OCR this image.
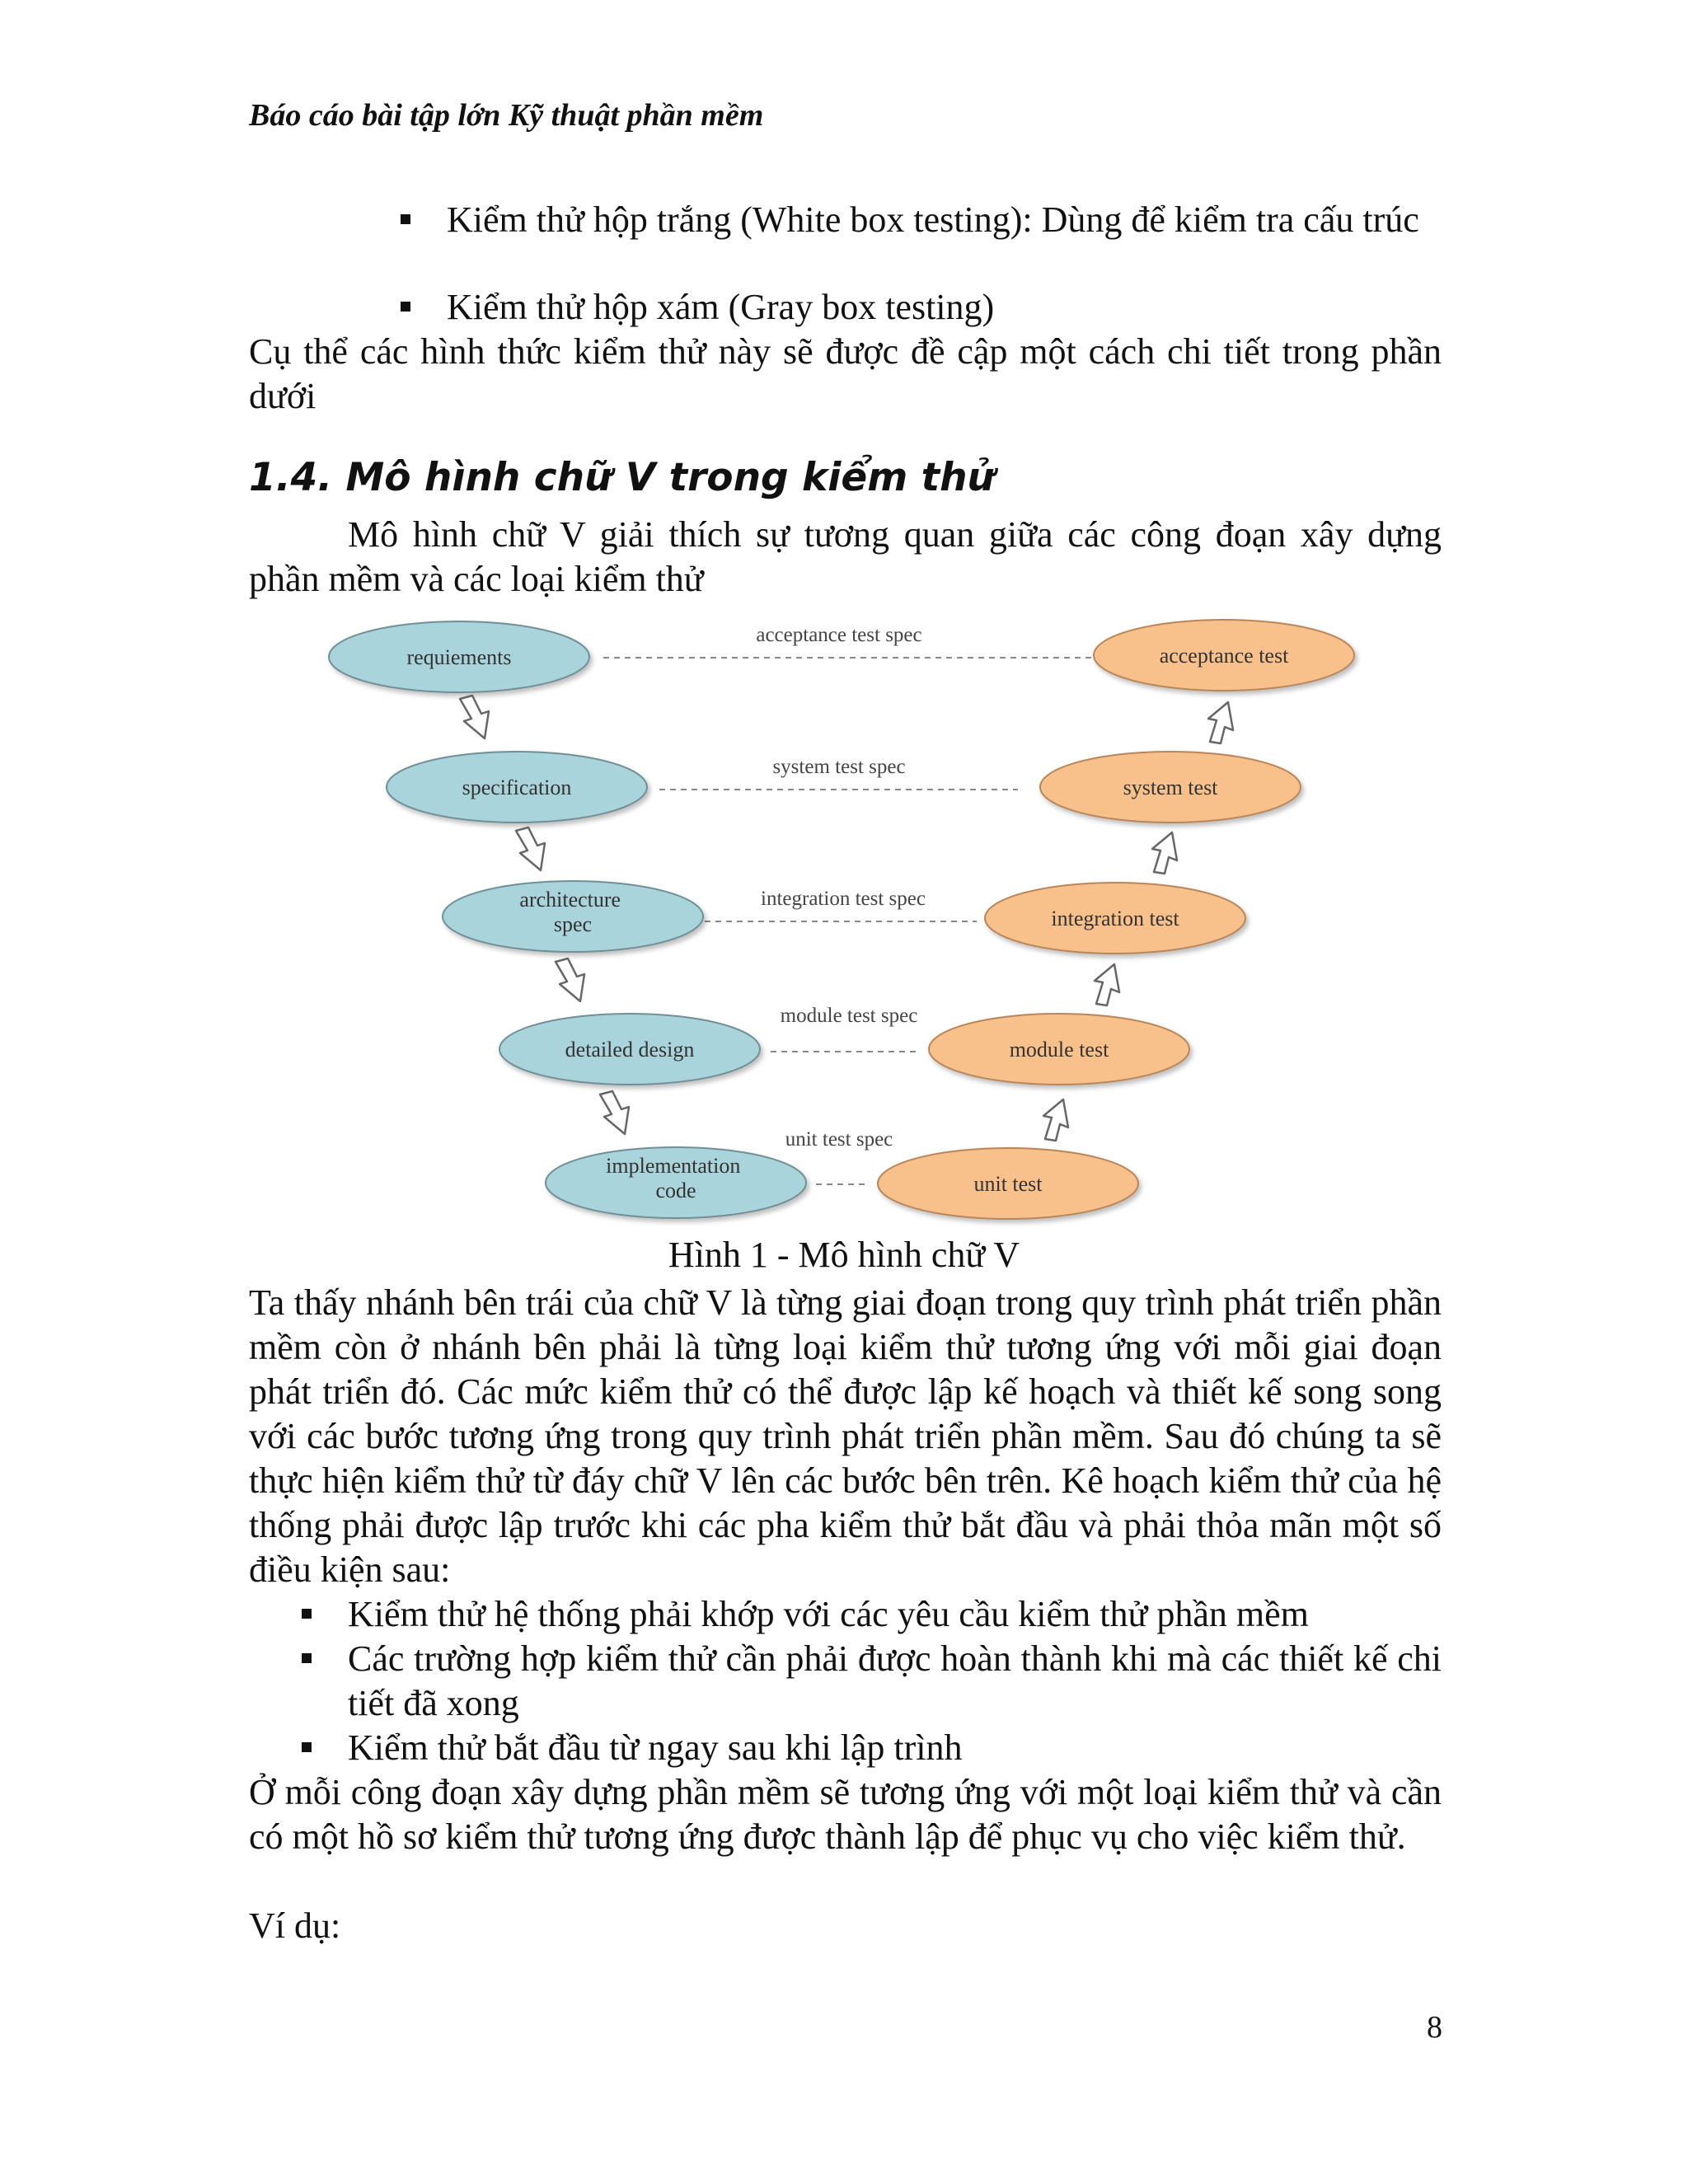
Báo cáo bài tập lớn Kỹ thuật phần mềm
Kiểm thử hộp trắng (White box testing): Dùng để kiểm tra cấu trúc
Kiểm thử hộp xám (Gray box testing)
Cụ thể các hình thức kiểm thử này sẽ được đề cập một cách chi tiết trong phần dưới
1.4. Mô hình chữ V trong kiểm thử
Mô hình chữ V giải thích sự tương quan giữa các công đoạn xây dựng phần mềm và các loại kiểm thử
acceptance test spec
system test spec
integration test spec
module test spec
unit test spec
requiements
specification
architecture spec
detailed design
implementation code
acceptance test
system test
integration test
module test
unit test
Hình 1 - Mô hình chữ V
Ta thấy nhánh bên trái của chữ V là từng giai đoạn trong quy trình phát triển phần mềm còn ở nhánh bên phải là từng loại kiểm thử tương ứng với mỗi giai đoạn phát triển đó. Các mức kiểm thử có thể được lập kế hoạch và thiết kế song song với các bước tương ứng trong quy trình phát triển phần mềm. Sau đó chúng ta sẽ thực hiện kiểm thử từ đáy chữ V lên các bước bên trên. Kê hoạch kiểm thử của hệ thống phải được lập trước khi các pha kiểm thử bắt đầu và phải thỏa mãn một số điều kiện sau:
Kiểm thử hệ thống phải khớp với các yêu cầu kiểm thử phần mềm
Các trường hợp kiểm thử cần phải được hoàn thành khi mà các thiết kế chi tiết đã xong
Kiểm thử bắt đầu từ ngay sau khi lập trình
Ở mỗi công đoạn xây dựng phần mềm sẽ tương ứng với một loại kiểm thử và cần có một hồ sơ kiểm thử tương ứng được thành lập để phục vụ cho việc kiểm thử.
Ví dụ:
8
